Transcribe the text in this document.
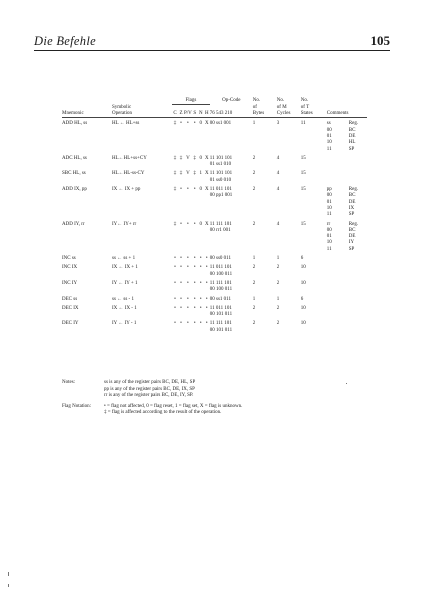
Die Befehle	105
		Flags						Op-Code	No.	No.	No.		
	Symbolic								of	of M	of T		
Mnemonic	Operation	C	Z	P/V	S	N	H	76 543 210	Bytes	Cycles	States	Comments	
ADD HL, ss	HL ← HL+ss	‡	•	•	•	0	X	00 ss1 001	1	3	11	ss	Reg.
												00	BC
												01	DE
												10	HL
												11	SP
ADC HL, ss	HL←HL+ss+CY	‡	‡	V	‡	0	X	11 101 101	2	4	15		
								01 ss1 010					
SBC HL, ss	HL←HL-ss-CY	‡	‡	V	‡	1	X	11 101 101	2	4	15		
								01 ss0 010					
ADD IX, pp	IX ← IX + pp	‡	•	•	•	0	X	11 011 101	2	4	15	pp	Reg.
								00 pp1 001				00	BC
												01	DE
												10	IX
												11	SP
ADD IY, rr	IY← IY+ rr	‡	•	•	•	0	X	11 111 101	2	4	15	rr	Reg.
								00 rr1 001				00	BC
												01	DE
												10	IY
												11	SP
INC ss	ss ← ss + 1	•	•	•	•	•	•	00 ss0 011	1	1	6		
INC IX	IX ← IX + 1	•	•	•	•	•	•	11 011 101	2	2	10		
								00 100 011					
INC IY	IY ← IY + 1	•	•	•	•	•	•	11 111 101	2	2	10		
								00 100 011					
DEC ss	ss ← ss - 1	•	•	•	•	•	•	00 ss1 011	1	1	6		
DEC IX	IX ← IX - 1	•	•	•	•	•	•	11 011 101	2	2	10		
								00 101 011					
DEC IY	IY ← IY - 1	•	•	•	•	•	•	11 111 101	2	2	10		
								00 101 011					
Notes:	ss is any of the register pairs BC, DE, HL, SP
pp is any of the register pairs BC, DE, IX, SP
rr is any of the register pairs BC, DE, IY, SP.
Flag Notation:	• = flag not affected, 0 = flag reset, 1 = flag set, X = flag is unknown.
‡ = flag is affected according to the result of the operation.
